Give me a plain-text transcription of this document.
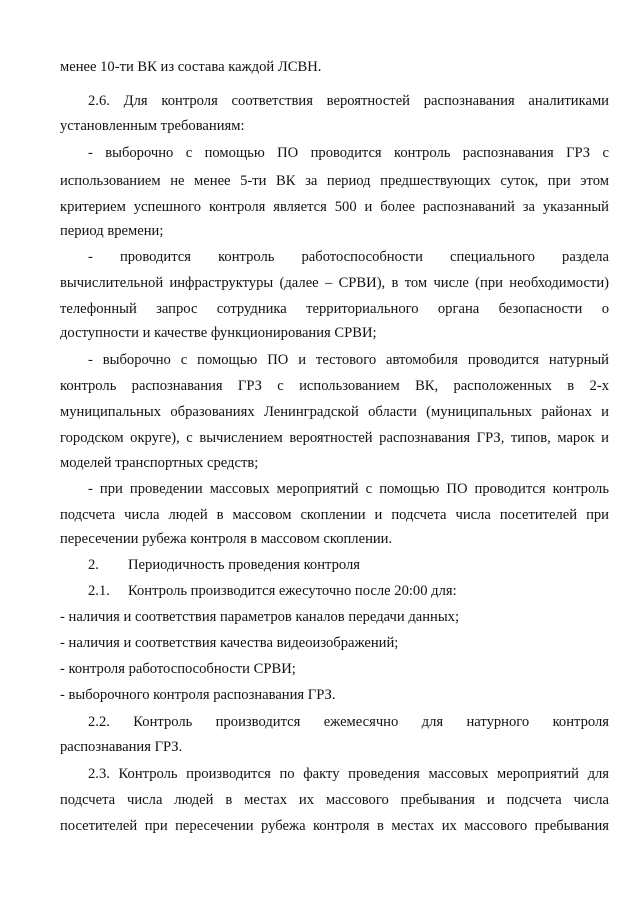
менее 10-ти ВК из состава каждой ЛСВН.
2.6. Для контроля соответствия вероятностей распознавания аналитиками
установленным требованиям:
- выборочно с помощью ПО проводится контроль распознавания ГРЗ с
использованием не менее 5-ти ВК за период предшествующих суток, при этом
критерием успешного контроля является 500 и более распознаваний за указанный
период времени;
- проводится контроль работоспособности специального раздела
вычислительной инфраструктуры (далее – СРВИ), в том числе (при необходимости)
телефонный запрос сотрудника территориального органа безопасности о
доступности и качестве функционирования СРВИ;
- выборочно с помощью ПО и тестового автомобиля проводится натурный
контроль распознавания ГРЗ с использованием ВК, расположенных в 2-х
муниципальных образованиях Ленинградской области (муниципальных районах и
городском округе), с вычислением вероятностей распознавания ГРЗ, типов, марок и
моделей транспортных средств;
- при проведении массовых мероприятий с помощью ПО проводится контроль
подсчета числа людей в массовом скоплении и подсчета числа посетителей при
пересечении рубежа контроля в массовом скоплении.
2. Периодичность проведения контроля
2.1. Контроль производится ежесуточно после 20:00 для:
- наличия и соответствия параметров каналов передачи данных;
- наличия и соответствия качества видеоизображений;
- контроля работоспособности СРВИ;
- выборочного контроля распознавания ГРЗ.
2.2. Контроль производится ежемесячно для натурного контроля
распознавания ГРЗ.
2.3. Контроль производится по факту проведения массовых мероприятий для
подсчета числа людей в местах их массового пребывания и подсчета числа
посетителей при пересечении рубежа контроля в местах их массового пребывания
